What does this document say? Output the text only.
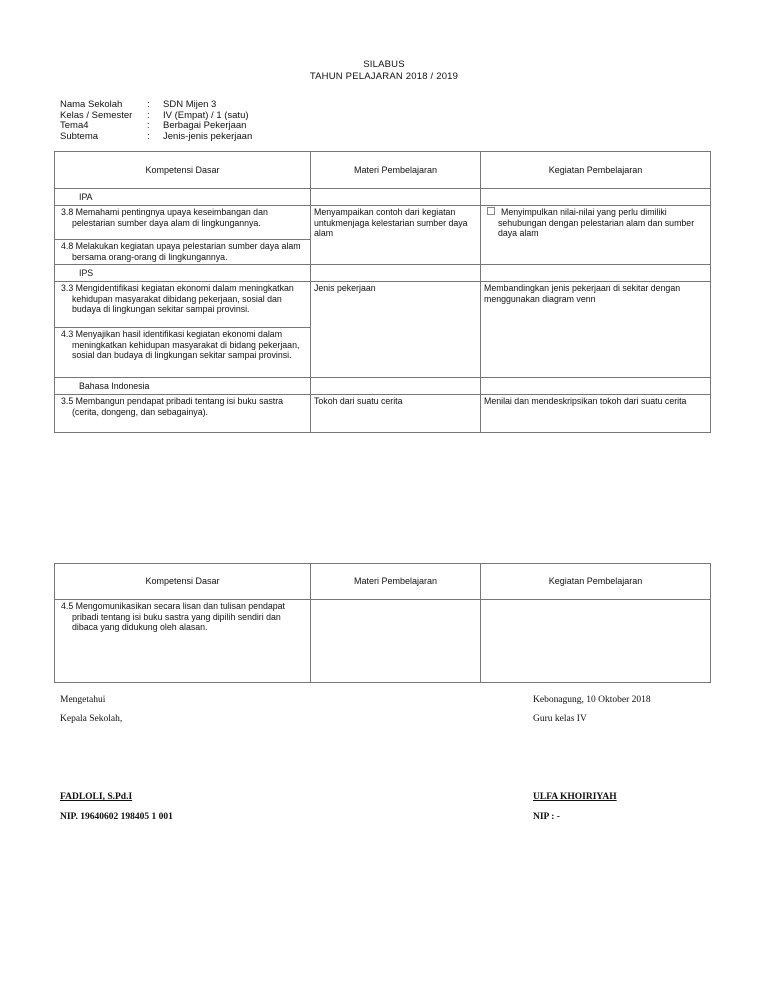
SILABUS
TAHUN PELAJARAN 2018 / 2019
Nama Sekolah	:	SDN Mijen 3
Kelas / Semester	:	IV (Empat) / 1 (satu)
Tema4	:	Berbagai Pekerjaan
Subtema	:	Jenis-jenis pekerjaan
Kompetensi Dasar	Materi Pembelajaran	Kegiatan Pembelajaran
IPA		

3.8 Memahami pentingnya upaya keseimbangan dan pelestarian sumber daya alam di lingkungannya.	Menyampaikan contoh dari kegiatan untukmenjaga kelestarian sumber daya alam	Menyimpulkan nilai-nilai yang perlu dimiliki sehubungan dengan pelestarian alam dan sumber daya alam

4.8 Melakukan kegiatan upaya pelestarian sumber daya alam bersama orang-orang di lingkungannya.		

IPS		

3.3 Mengidentifikasi kegiatan ekonomi dalam meningkatkan kehidupan masyarakat dibidang pekerjaan, sosial dan budaya di lingkungan sekitar sampai provinsi.	Jenis pekerjaan	Membandingkan jenis pekerjaan di sekitar dengan menggunakan diagram venn

4.3 Menyajikan hasil identifikasi kegiatan ekonomi dalam meningkatkan kehidupan masyarakat di bidang pekerjaan, sosial dan budaya di lingkungan sekitar sampai provinsi.		

Bahasa Indonesia		

3.5 Membangun pendapat pribadi tentang isi buku sastra (cerita, dongeng, dan sebagainya).	Tokoh dari suatu cerita	Menilai dan mendeskripsikan tokoh dari suatu cerita
Kompetensi Dasar	Materi Pembelajaran	Kegiatan Pembelajaran

4.5 Mengomunikasikan secara lisan dan tulisan pendapat pribadi tentang isi buku sastra yang dipilih sendiri dan dibaca yang didukung oleh alasan.		

Mengetahui
Kepala Sekolah,
FADLOLI, S.Pd.I
NIP. 19640602 198405 1 001
Kebonagung, 10 Oktober 2018
Guru kelas IV
ULFA KHOIRIYAH
NIP : -
